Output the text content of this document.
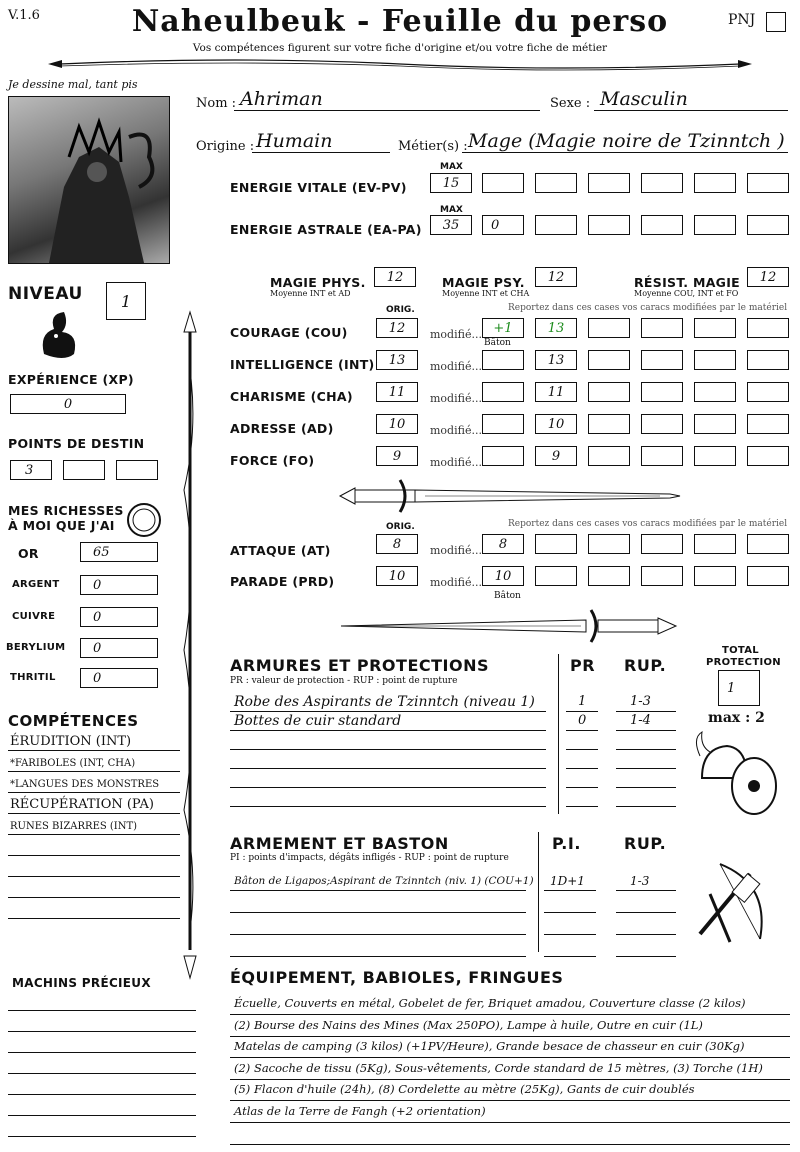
V.1.6	Naheulbeuk - Feuille du perso
Vos compétences figurent sur votre fiche d'origine et/ou votre fiche de métier
PNJ
Je dessine mal, tant pis
Nom : Ahriman	Sexe : Masculin
Origine : Humain	Métier(s) : Mage (Magie noire de Tzinntch )
MAX
ENERGIE VITALE (EV-PV)	15
MAX
ENERGIE ASTRALE (EA-PA)	35	0
MAGIE PHYS.
Moyenne INT et AD
12	MAGIE PSY.
Moyenne INT et CHA
12	RÉSIST. MAGIE
Moyenne COU, INT et FO
12
ORIG.	Reportez dans ces cases vos caracs modifiées par le matériel
COURAGE (COU)	12	modifié... +1	13
Bâton
INTELLIGENCE (INT)	13	modifié...	13
CHARISME (CHA)	11	modifié...	11
ADRESSE (AD)	10	modifié...	10
FORCE (FO)	9	modifié...	9
ORIG.	Reportez dans ces cases vos caracs modifiées par le matériel
ATTAQUE (AT)	8	modifié...	8
PARADE (PRD)	10	modifié... 10
Bâton
NIVEAU	1
EXPÉRIENCE (XP)
0
POINTS DE DESTIN
3
MES RICHESSES
À MOI QUE J'AI
OR	65
ARGENT	0
CUIVRE	0
BERYLIUM	0
THRITIL	0
COMPÉTENCES
ÉRUDITION (INT)
*FARIBOLES (INT, CHA)
*LANGUES DES MONSTRES
RÉCUPÉRATION (PA)
RUNES BIZARRES (INT)
MACHINS PRÉCIEUX
ARMURES ET PROTECTIONS
PR : valeur de protection - RUP : point de rupture
PR RUP.
TOTAL
PROTECTION
1
max : 2
Robe des Aspirants de Tzinntch (niveau 1)	1	1-3
Bottes de cuir standard	0	1-4
ARMEMENT ET BASTON
PI : points d'impacts, dégâts infligés - RUP : point de rupture
P.I.	RUP.
Bâton de Ligapos;Aspirant de Tzinntch (niv. 1) (COU+1) 1D+1	1-3
ÉQUIPEMENT, BABIOLES, FRINGUES
Écuelle, Couverts en métal, Gobelet de fer, Briquet amadou, Couverture classe (2 kilos)
(2) Bourse des Nains des Mines (Max 250PO), Lampe à huile, Outre en cuir (1L)
Matelas de camping (3 kilos) (+1PV/Heure), Grande besace de chasseur en cuir (30Kg)
(2) Sacoche de tissu (5Kg), Sous-vêtements, Corde standard de 15 mètres, (3) Torche (1H)
(5) Flacon d'huile (24h), (8) Cordelette au mètre (25Kg), Gants de cuir doublés
Atlas de la Terre de Fangh (+2 orientation)
